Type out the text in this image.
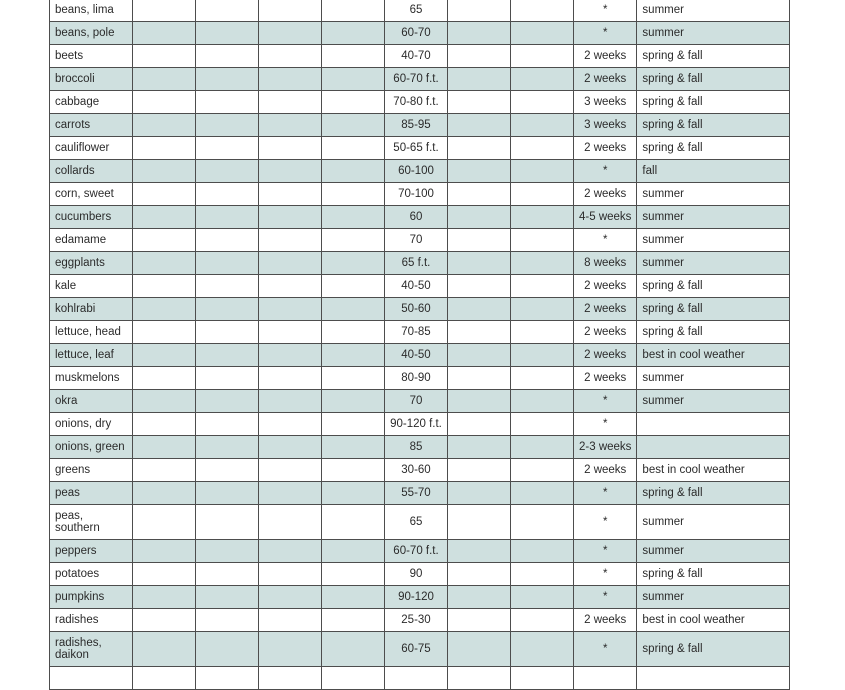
beans, lima					65			*	summer
beans, pole					60-70			*	summer
beets					40-70			2 weeks	spring & fall
broccoli					60-70 f.t.			2 weeks	spring & fall
cabbage					70-80 f.t.			3 weeks	spring & fall
carrots					85-95			3 weeks	spring & fall
cauliflower					50-65 f.t.			2 weeks	spring & fall
collards					60-100			*	fall
corn, sweet					70-100			2 weeks	summer
cucumbers					60			4-5 weeks	summer
edamame					70			*	summer
eggplants					65 f.t.			8 weeks	summer
kale					40-50			2 weeks	spring & fall
kohlrabi					50-60			2 weeks	spring & fall
lettuce, head					70-85			2 weeks	spring & fall
lettuce, leaf					40-50			2 weeks	best in cool weather
muskmelons					80-90			2 weeks	summer
okra					70			*	summer
onions, dry					90-120 f.t.			*	
onions, green					85			2-3 weeks	
greens					30-60			2 weeks	best in cool weather
peas					55-70			*	spring & fall
peas, southern					65			*	summer
peppers					60-70 f.t.			*	summer
potatoes					90			*	spring & fall
pumpkins					90-120			*	summer
radishes					25-30			2 weeks	best in cool weather
radishes, daikon					60-75			*	spring & fall
